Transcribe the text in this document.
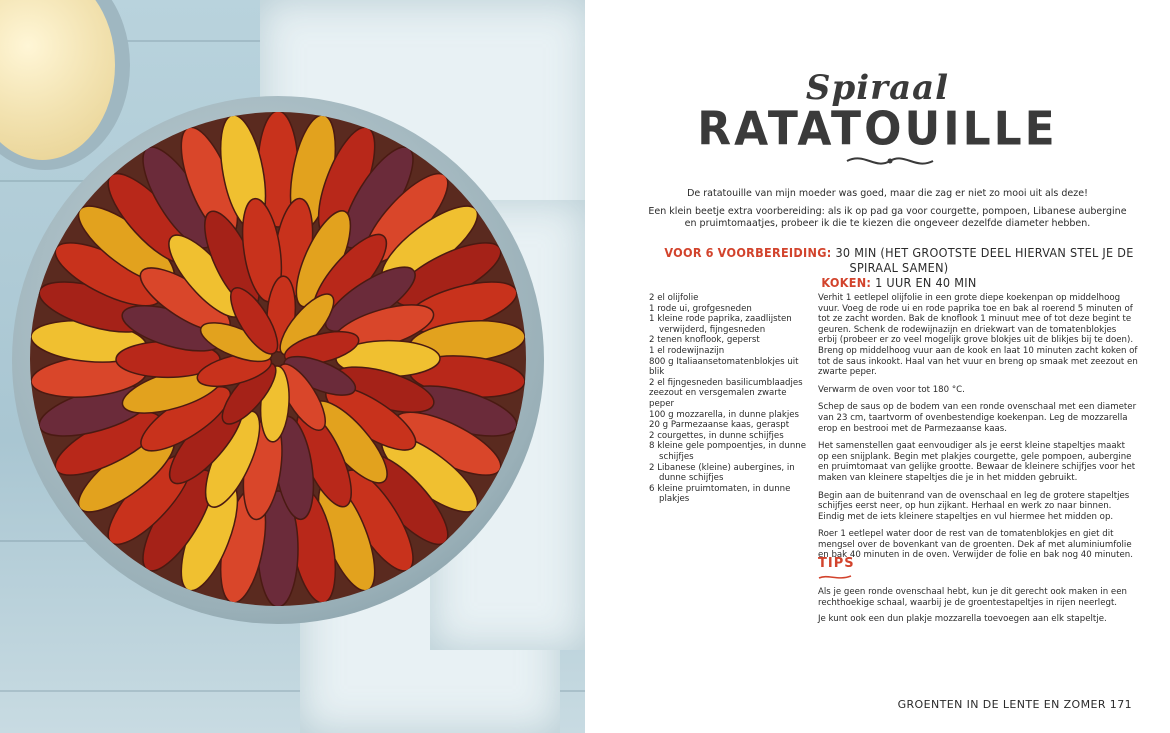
Spiraal
RATATOUILLE

De ratatouille van mijn moeder was goed, maar die zag er niet zo mooi uit als deze!

Een klein beetje extra voorbereiding: als ik op pad ga voor courgette, pompoen, Libanese aubergine en pruimtomaatjes, probeer ik die te kiezen die ongeveer dezelfde diameter hebben.

VOOR 6 VOORBEREIDING: 30 MIN (HET GROOTSTE DEEL HIERVAN STEL JE DE SPIRAAL SAMEN)
KOKEN: 1 UUR EN 40 MIN
2 el olijfolie
1 rode ui, grofgesneden
1 kleine rode paprika, zaadlijsten
verwijderd, fijngesneden
2 tenen knoflook, geperst
1 el rodewijnazijn
800 g Italiaansetomatenblokjes uit blik
2 el fijngesneden basilicumblaadjes
zeezout en versgemalen zwarte peper
100 g mozzarella, in dunne plakjes
20 g Parmezaanse kaas, geraspt
2 courgettes, in dunne schijfjes
8 kleine gele pompoentjes, in dunne
schijfjes
2 Libanese (kleine) aubergines, in
dunne schijfjes
6 kleine pruimtomaten, in dunne
plakjes

Verhit 1 eetlepel olijfolie in een grote diepe koekenpan op middelhoog vuur. Voeg de rode ui en rode paprika toe en bak al roerend 5 minuten of tot ze zacht worden. Bak de knoflook 1 minuut mee of tot deze begint te geuren. Schenk de rodewijnazijn en driekwart van de tomatenblokjes erbij (probeer er zo veel mogelijk grove blokjes uit de blikjes bij te doen). Breng op middelhoog vuur aan de kook en laat 10 minuten zacht koken of tot de saus inkookt. Haal van het vuur en breng op smaak met zeezout en zwarte peper.

Verwarm de oven voor tot 180 °C.

Schep de saus op de bodem van een ronde ovenschaal met een diameter van 23 cm, taartvorm of ovenbestendige koekenpan. Leg de mozzarella erop en bestrooi met de Parmezaanse kaas.

Het samenstellen gaat eenvoudiger als je eerst kleine stapeltjes maakt op een snijplank. Begin met plakjes courgette, gele pompoen, aubergine en pruimtomaat van gelijke grootte. Bewaar de kleinere schijfjes voor het maken van kleinere stapeltjes die je in het midden gebruikt.

Begin aan de buitenrand van de ovenschaal en leg de grotere stapeltjes schijfjes eerst neer, op hun zijkant. Herhaal en werk zo naar binnen. Eindig met de iets kleinere stapeltjes en vul hiermee het midden op.

Roer 1 eetlepel water door de rest van de tomatenblokjes en giet dit mengsel over de bovenkant van de groenten. Dek af met aluminiumfolie en bak 40 minuten in de oven. Verwijder de folie en bak nog 40 minuten.

TIPS

Als je geen ronde ovenschaal hebt, kun je dit gerecht ook maken in een rechthoekige schaal, waarbij je de groentestapeltjes in rijen neerlegt.

Je kunt ook een dun plakje mozzarella toevoegen aan elk stapeltje.

GROENTEN IN DE LENTE EN ZOMER 171
